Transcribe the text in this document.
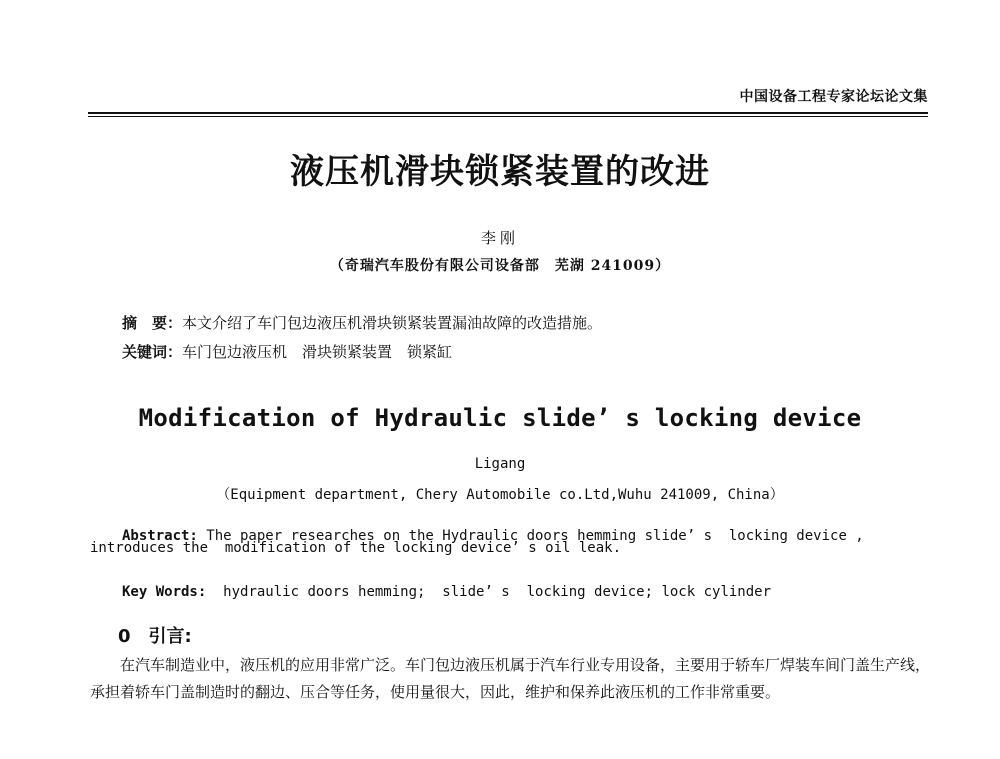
中国设备工程专家论坛论文集
液压机滑块锁紧装置的改进
李刚
（奇瑞汽车股份有限公司设备部　芜湖 241009）
摘　要：本文介绍了车门包边液压机滑块锁紧装置漏油故障的改造措施。
关键词：车门包边液压机　滑块锁紧装置　锁紧缸
Modification of Hydraulic slide’ s locking device
Ligang
（Equipment department, Chery Automobile co.Ltd,Wuhu 241009, China）

Abstract: The paper researches on the Hydraulic doors hemming slide’ s  locking device ,
introduces the  modification of the locking device’ s oil leak.

Key Words:  hydraulic doors hemming;  slide’ s  locking device; lock cylinder
0　引言:
在汽车制造业中，液压机的应用非常广泛。车门包边液压机属于汽车行业专用设备，主要用于轿车厂焊装车间门盖生产线，承担着轿车门盖制造时的翻边、压合等任务，使用量很大，因此，维护和保养此液压机的工作非常重要。
